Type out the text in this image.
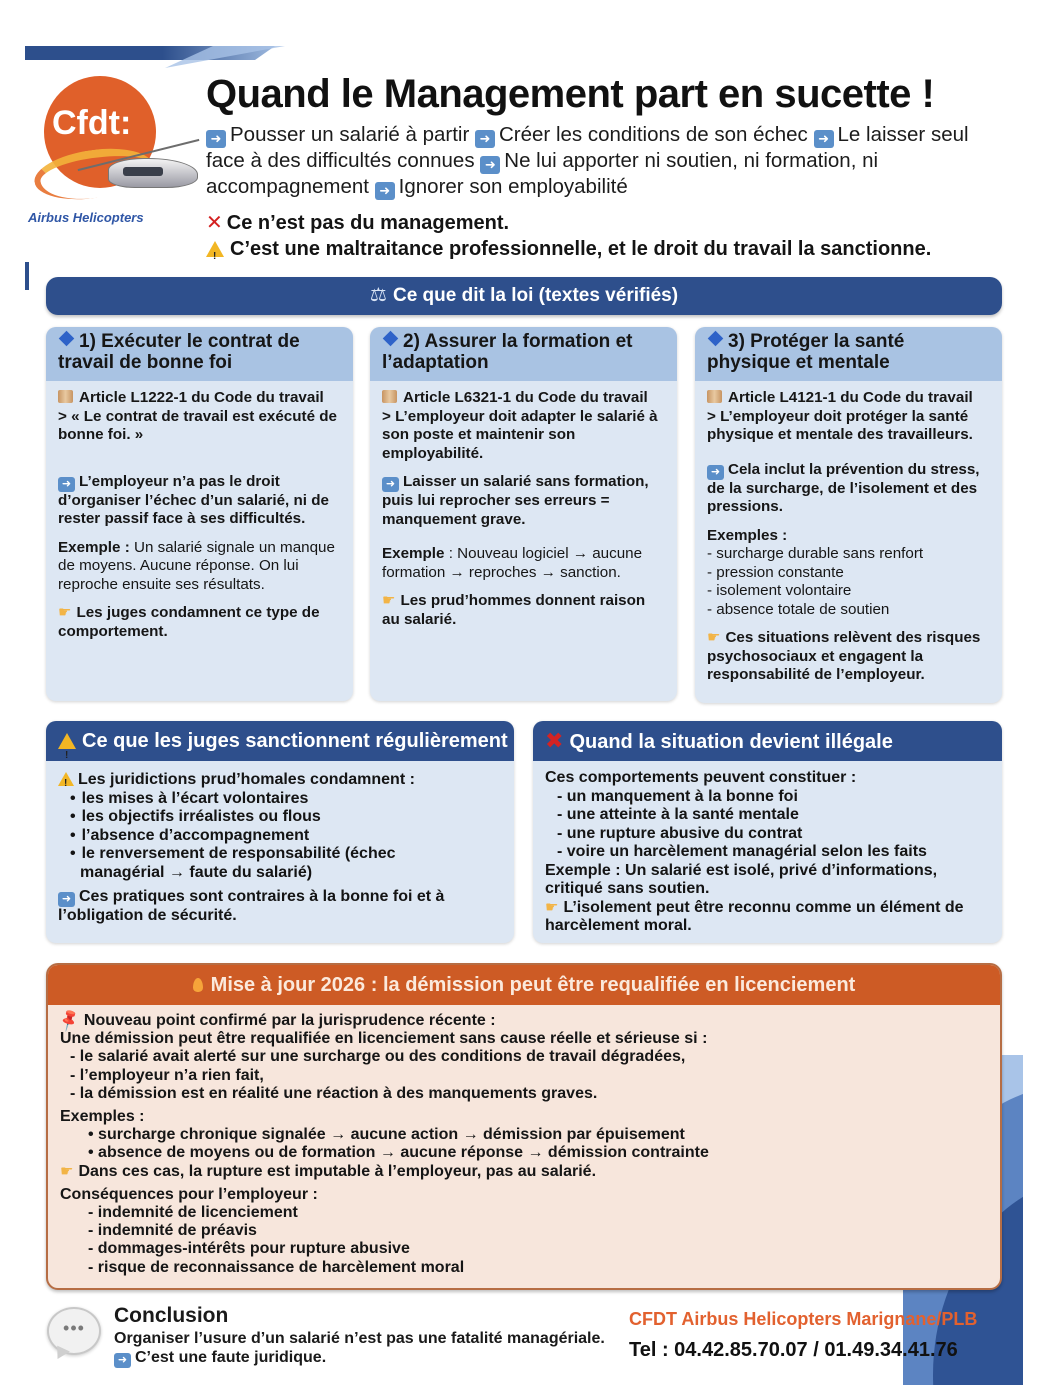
Cfdt:
Airbus Helicopters
Quand le Management part en sucette !
➜ Pousser un salarié à partir ➜ Créer les conditions de son échec ➜ Le laisser seul face à des difficultés connues ➜ Ne lui apporter ni soutien, ni formation, ni accompagnement ➜ Ignorer son employabilité
✕ Ce n’est pas du management.
!C’est une maltraitance professionnelle, et le droit du travail la sanctionne.
⚖ Ce que dit la loi (textes vérifiés)
1) Exécuter le contrat de travail de bonne foi
Article L1222-1 du Code du travail
> « Le contrat de travail est exécuté de bonne foi. »
➜ L’employeur n’a pas le droit d’organiser l’échec d’un salarié, ni de rester passif face à ses difficultés.
Exemple : Un salarié signale un manque de moyens. Aucune réponse. On lui reproche ensuite ses résultats.
☛ Les juges condamnent ce type de comportement.
2) Assurer la formation et l’adaptation
Article L6321-1 du Code du travail
> L’employeur doit adapter le salarié à son poste et maintenir son employabilité.
➜ Laisser un salarié sans formation, puis lui reprocher ses erreurs = manquement grave.
Exemple : Nouveau logiciel → aucune formation → reproches → sanction.
☛ Les prud’hommes donnent raison au salarié.
3) Protéger la santé physique et mentale
Article L4121-1 du Code du travail
> L’employeur doit protéger la santé physique et mentale des travailleurs.
➜ Cela inclut la prévention du stress, de la surcharge, de l’isolement et des pressions.
Exemples :
- surcharge durable sans renfort
- pression constante
- isolement volontaire
- absence totale de soutien
☛ Ces situations relèvent des risques psychosociaux et engagent la responsabilité de l’employeur.
!Ce que les juges sanctionnent régulièrement
!Les juridictions prud’homales condamnent :
• les mises à l’écart volontaires
• les objectifs irréalistes ou flous
• l’absence d’accompagnement
• le renversement de responsabilité (échec managérial → faute du salarié)
➜ Ces pratiques sont contraires à la bonne foi et à l’obligation de sécurité.
✖ Quand la situation devient illégale
Ces comportements peuvent constituer :
- un manquement à la bonne foi
- une atteinte à la santé mentale
- une rupture abusive du contrat
- voire un harcèlement managérial selon les faits
Exemple : Un salarié est isolé, privé d’informations, critiqué sans soutien.
☛ L’isolement peut être reconnu comme un élément de harcèlement moral.
Mise à jour 2026 : la démission peut être requalifiée en licenciement
📌Nouveau point confirmé par la jurisprudence récente :
Une démission peut être requalifiée en licenciement sans cause réelle et sérieuse si :
- le salarié avait alerté sur une surcharge ou des conditions de travail dégradées,
- l’employeur n’a rien fait,
- la démission est en réalité une réaction à des manquements graves.
Exemples :
• surcharge chronique signalée → aucune action → démission par épuisement
• absence de moyens ou de formation → aucune réponse → démission contrainte
☛ Dans ces cas, la rupture est imputable à l’employeur, pas au salarié.
Conséquences pour l’employeur :
- indemnité de licenciement
- indemnité de préavis
- dommages-intérêts pour rupture abusive
- risque de reconnaissance de harcèlement moral
•••
Conclusion
Organiser l’usure d’un salarié n’est pas une fatalité managériale.
➜ C’est une faute juridique.
CFDT Airbus Helicopters Marignane/PLB
Tel : 04.42.85.70.07 / 01.49.34.41.76
